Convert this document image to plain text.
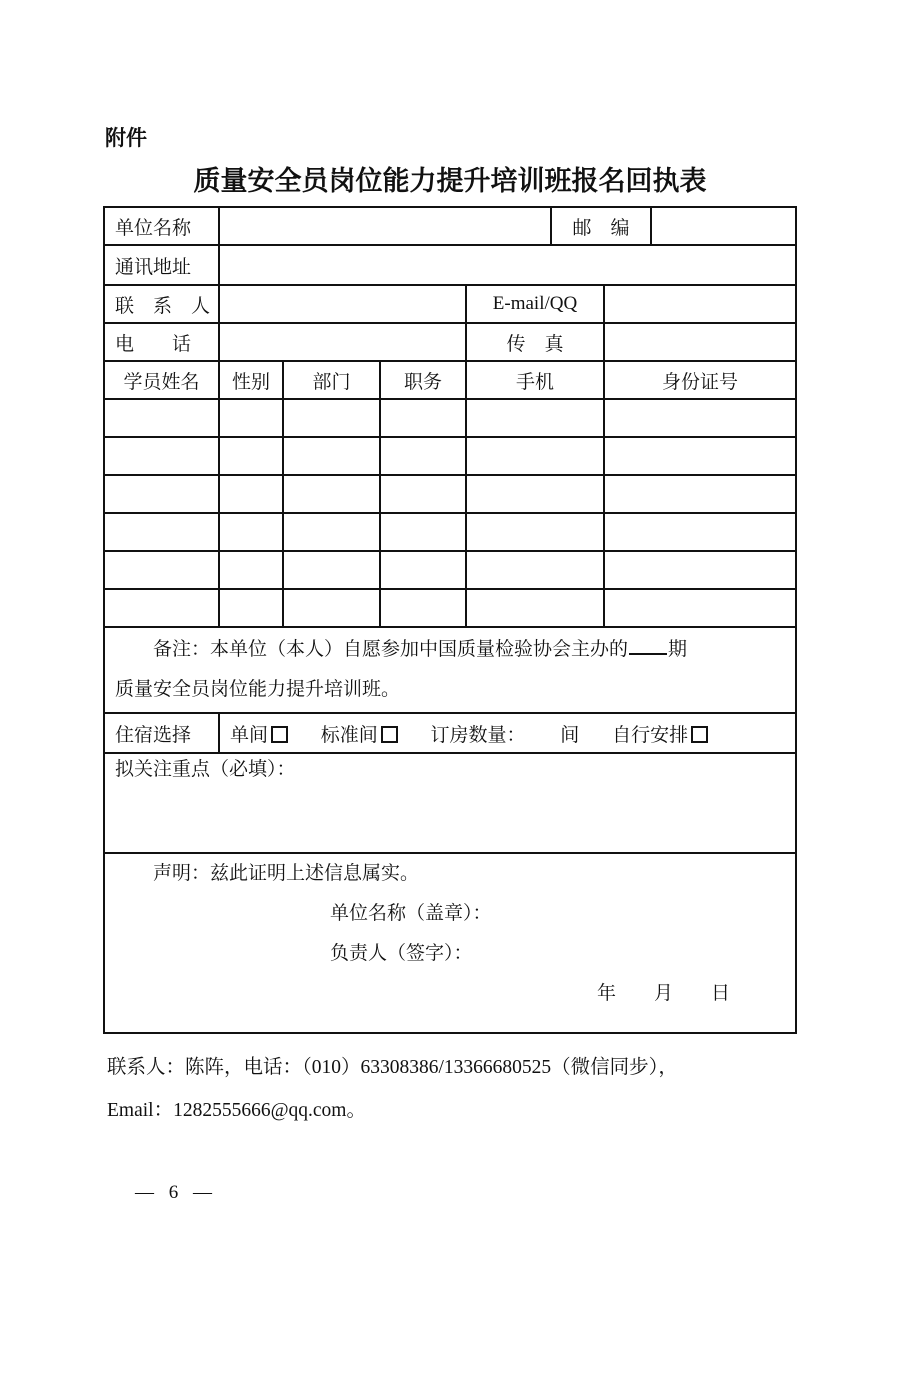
附件
质量安全员岗位能力提升培训班报名回执表
单位名称					邮　编		
通讯地址							
联　系　人				E-mail/QQ			
电　　话				传　真			
学员姓名	性别	部门	职务	手机		身份证号	

备注：本单位（本人）自愿参加中国质量检验协会主办的 期
质量安全员岗位能力提升培训班。							

住宿选择	单间 标准间 订房数量： 间 自行安排						
拟关注重点（必填）：							

声明：兹此证明上述信息属实。
单位名称（盖章）：
负责人（签字）：
年　　月　　日							
联系人：陈阵，电话：（010）63308386/13366680525（微信同步），
Email：1282555666@qq.com。
— 6 —
